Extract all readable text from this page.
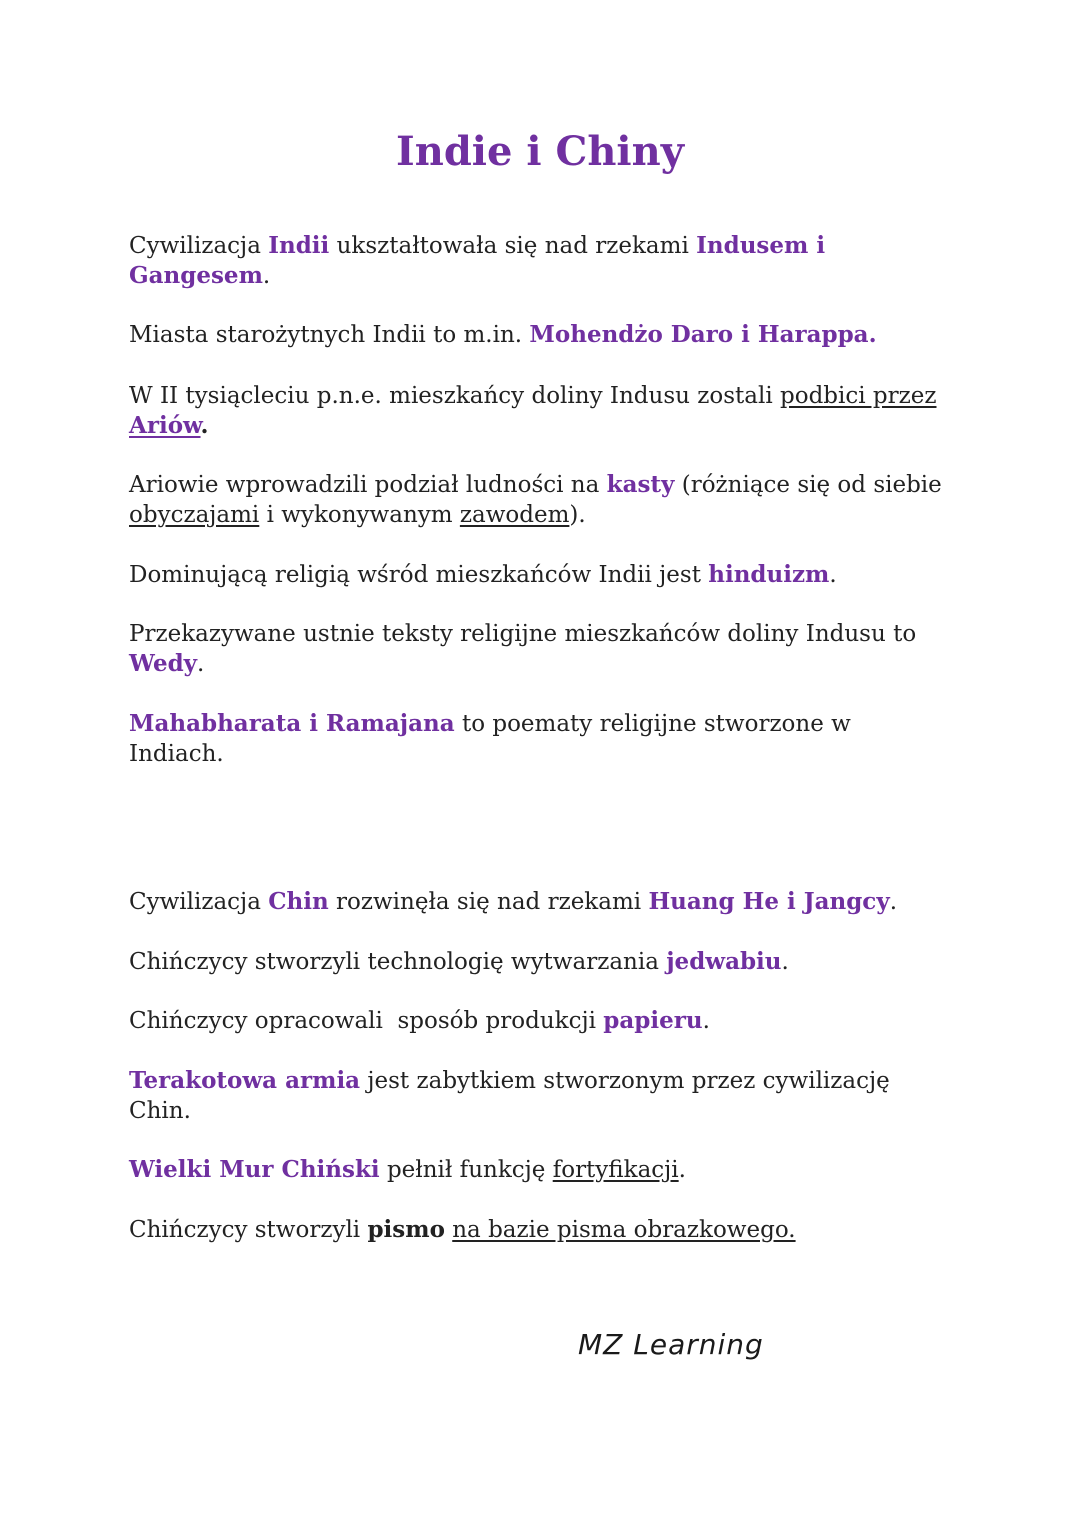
Indie i Chiny

Cywilizacja Indii ukształtowała się nad rzekami Indusem i Gangesem.

Miasta starożytnych Indii to m.in. Mohendżo Daro i Harappa.

W II tysiącleciu p.n.e. mieszkańcy doliny Indusu zostali podbici przez Ariów.

Ariowie wprowadzili podział ludności na kasty (różniące się od siebie obyczajami i wykonywanym zawodem).

Dominującą religią wśród mieszkańców Indii jest hinduizm.

Przekazywane ustnie teksty religijne mieszkańców doliny Indusu to Wedy.

Mahabharata i Ramajana to poematy religijne stworzone w Indiach.

Cywilizacja Chin rozwinęła się nad rzekami Huang He i Jangcy.

Chińczycy stworzyli technologię wytwarzania jedwabiu.

Chińczycy opracowali  sposób produkcji papieru.

Terakotowa armia jest zabytkiem stworzonym przez cywilizację Chin.

Wielki Mur Chiński pełnił funkcję fortyfikacji.

Chińczycy stworzyli pismo na bazie pisma obrazkowego.

MZ Learning
